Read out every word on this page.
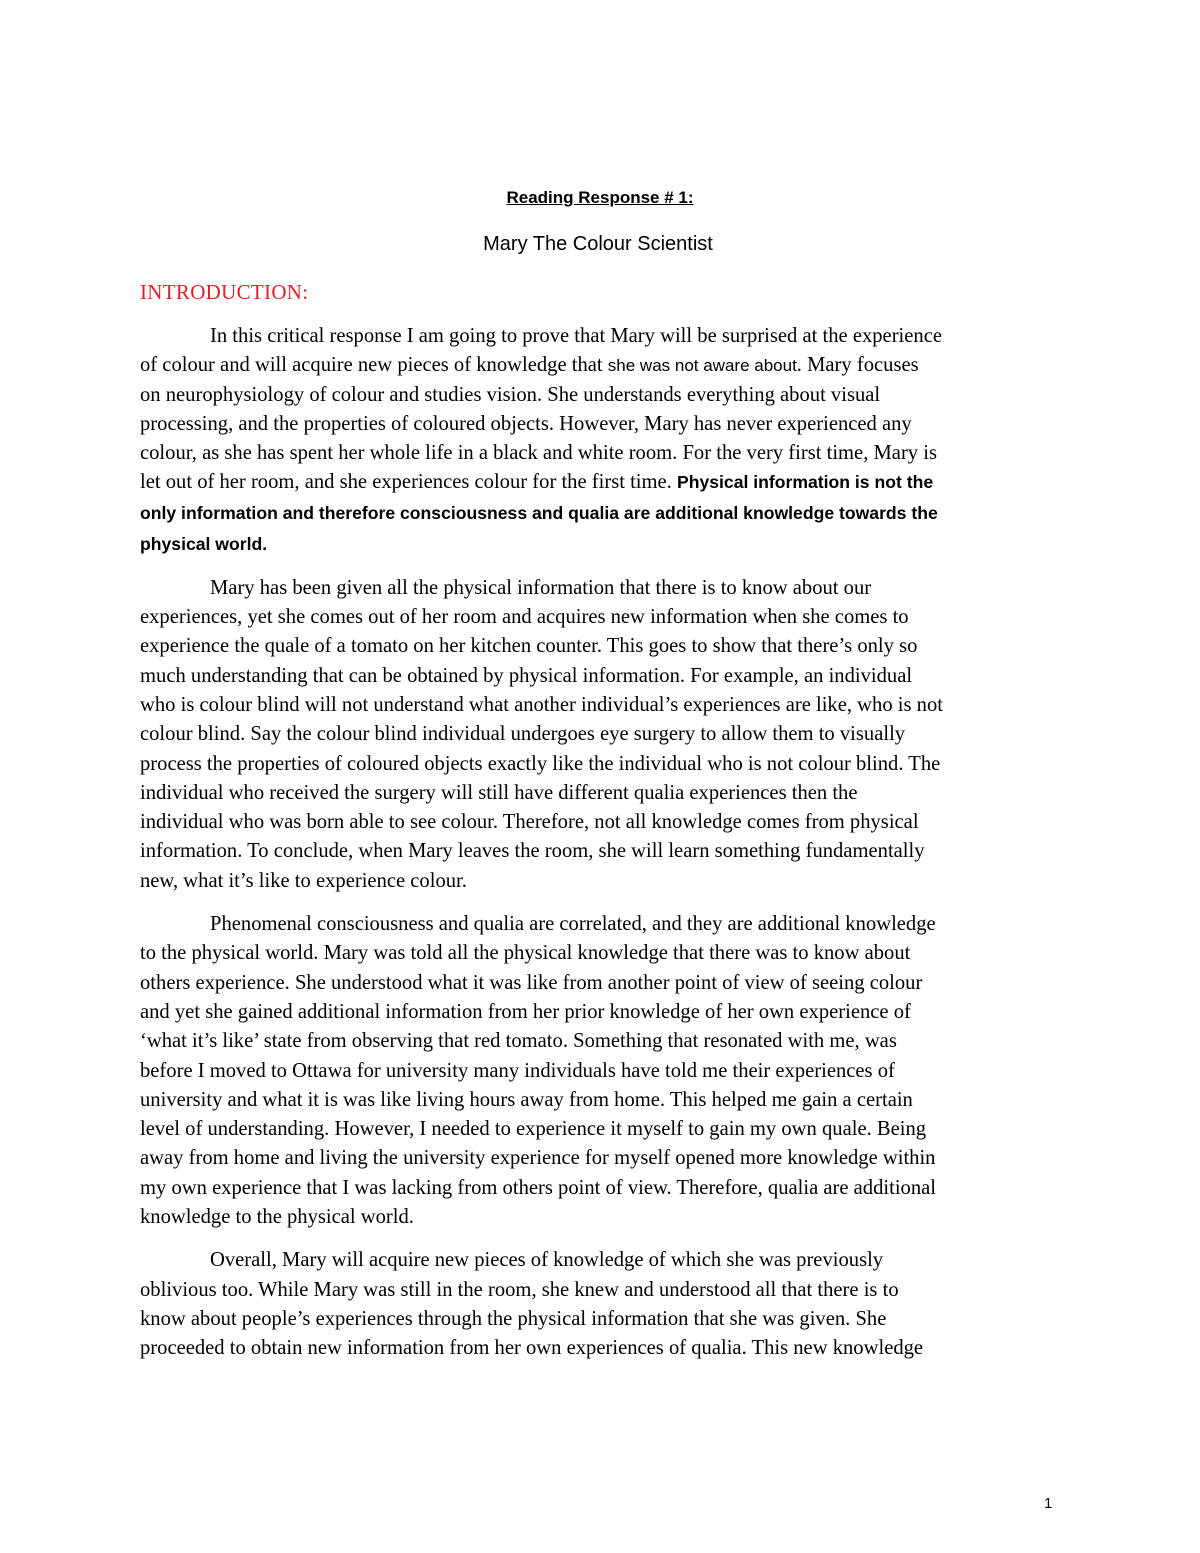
Reading Response # 1:
Mary The Colour Scientist
INTRODUCTION:
In this critical response I am going to prove that Mary will be surprised at the experience
of colour and will acquire new pieces of knowledge that she was not aware about. Mary focuses
on neurophysiology of colour and studies vision. She understands everything about visual
processing, and the properties of coloured objects. However, Mary has never experienced any
colour, as she has spent her whole life in a black and white room. For the very first time, Mary is
let out of her room, and she experiences colour for the first time. Physical information is not the
only information and therefore consciousness and qualia are additional knowledge towards the
physical world.
Mary has been given all the physical information that there is to know about our
experiences, yet she comes out of her room and acquires new information when she comes to
experience the quale of a tomato on her kitchen counter. This goes to show that there’s only so
much understanding that can be obtained by physical information. For example, an individual
who is colour blind will not understand what another individual’s experiences are like, who is not
colour blind. Say the colour blind individual undergoes eye surgery to allow them to visually
process the properties of coloured objects exactly like the individual who is not colour blind. The
individual who received the surgery will still have different qualia experiences then the
individual who was born able to see colour. Therefore, not all knowledge comes from physical
information. To conclude, when Mary leaves the room, she will learn something fundamentally
new, what it’s like to experience colour.
Phenomenal consciousness and qualia are correlated, and they are additional knowledge
to the physical world. Mary was told all the physical knowledge that there was to know about
others experience. She understood what it was like from another point of view of seeing colour
and yet she gained additional information from her prior knowledge of her own experience of
‘what it’s like’ state from observing that red tomato. Something that resonated with me, was
before I moved to Ottawa for university many individuals have told me their experiences of
university and what it is was like living hours away from home. This helped me gain a certain
level of understanding. However, I needed to experience it myself to gain my own quale. Being
away from home and living the university experience for myself opened more knowledge within
my own experience that I was lacking from others point of view. Therefore, qualia are additional
knowledge to the physical world.
Overall, Mary will acquire new pieces of knowledge of which she was previously
oblivious too. While Mary was still in the room, she knew and understood all that there is to
know about people’s experiences through the physical information that she was given. She
proceeded to obtain new information from her own experiences of qualia. This new knowledge
1
